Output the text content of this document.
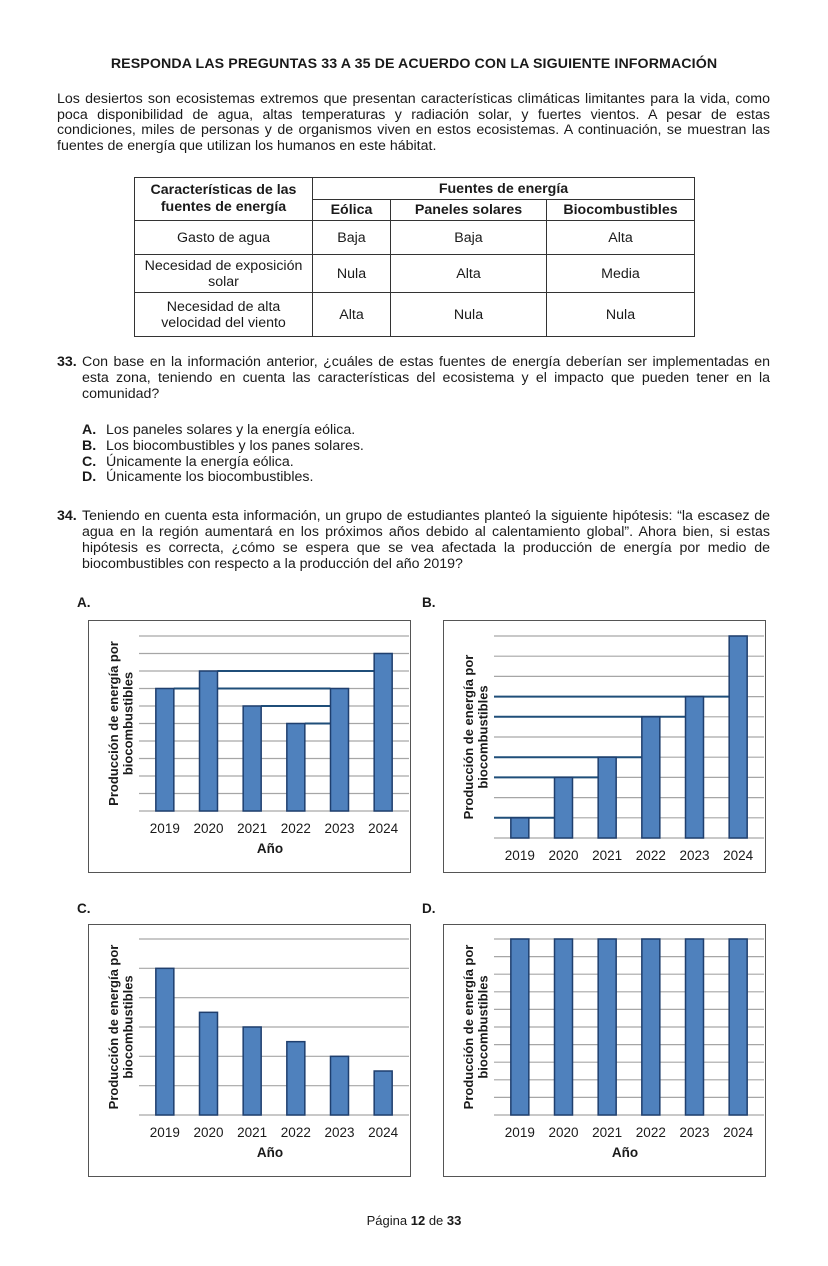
RESPONDA LAS PREGUNTAS 33 A 35 DE ACUERDO CON LA SIGUIENTE INFORMACIÓN
Los desiertos son ecosistemas extremos que presentan características climáticas limitantes para la vida, como poca disponibilidad de agua, altas temperaturas y radiación solar, y fuertes vientos. A pesar de estas condiciones, miles de personas y de organismos viven en estos ecosistemas. A continuación, se muestran las fuentes de energía que utilizan los humanos en este hábitat.
Características de las fuentes de energía	Fuentes de energía		
	Eólica	Paneles solares	Biocombustibles
Gasto de agua	Baja	Baja	Alta
Necesidad de exposición solar	Nula	Alta	Media
Necesidad de alta velocidad del viento	Alta	Nula	Nula
33. Con base en la información anterior, ¿cuáles de estas fuentes de energía deberían ser implementadas en esta zona, teniendo en cuenta las características del ecosistema y el impacto que pueden tener en la comunidad?
A. Los paneles solares y la energía eólica.
B. Los biocombustibles y los panes solares.
C. Únicamente la energía eólica.
D. Únicamente los biocombustibles.
34. Teniendo en cuenta esta información, un grupo de estudiantes planteó la siguiente hipótesis: “la escasez de agua en la región aumentará en los próximos años debido al calentamiento global”. Ahora bien, si estas hipótesis es correcta, ¿cómo se espera que se vea afectada la producción de energía por medio de biocombustibles con respecto a la producción del año 2019?
A.	B.
C.	D.
2019 2020 2021 2022 2023 2024
Año
Producción de energía porbiocombustibles
2019 2020 2021 2022 2023 2024
Producción de energía porbiocombustibles
2019 2020 2021 2022 2023 2024
Año
Producción de energía porbiocombustibles
2019 2020 2021 2022 2023 2024
Año
Producción de energía porbiocombustibles
Página 12 de 33
